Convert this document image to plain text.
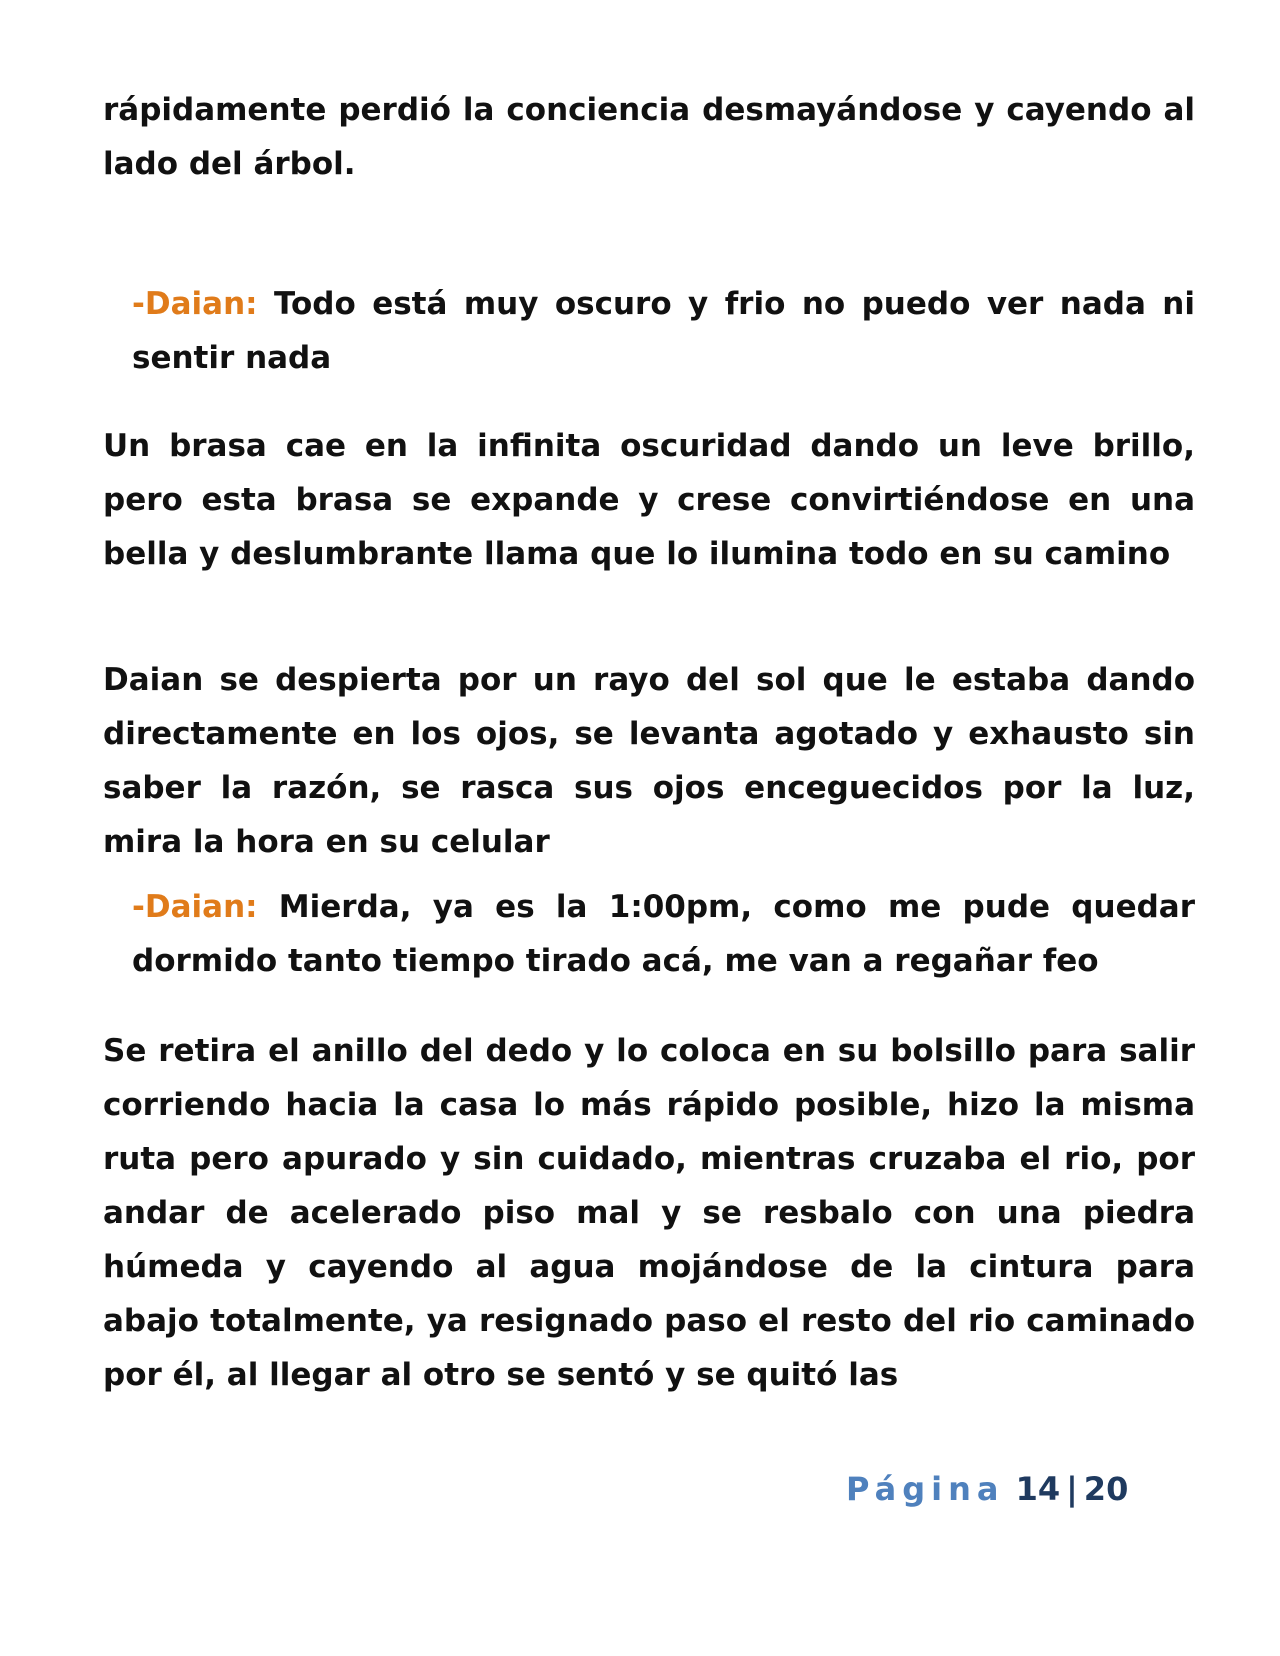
rápidamente perdió la conciencia desmayándose y cayendo al lado del árbol.

-Daian: Todo está muy oscuro y frio no puedo ver nada ni sentir nada

Un brasa cae en la infinita oscuridad dando un leve brillo, pero esta brasa se expande y crese convirtiéndose en una bella y deslumbrante llama que lo ilumina todo en su camino

Daian se despierta por un rayo del sol que le estaba dando directamente en los ojos, se levanta agotado y exhausto sin saber la razón, se rasca sus ojos enceguecidos por la luz, mira la hora en su celular

-Daian: Mierda, ya es la 1:00pm, como me pude quedar dormido tanto tiempo tirado acá, me van a regañar feo

Se retira el anillo del dedo y lo coloca en su bolsillo para salir corriendo hacia la casa lo más rápido posible, hizo la misma ruta pero apurado y sin cuidado, mientras cruzaba el rio, por andar de acelerado piso mal y se resbalo con una piedra húmeda y cayendo al agua mojándose de la cintura para abajo totalmente, ya resignado paso el resto del rio caminado por él, al llegar al otro se sentó y se quitó las

Página 14 | 20
